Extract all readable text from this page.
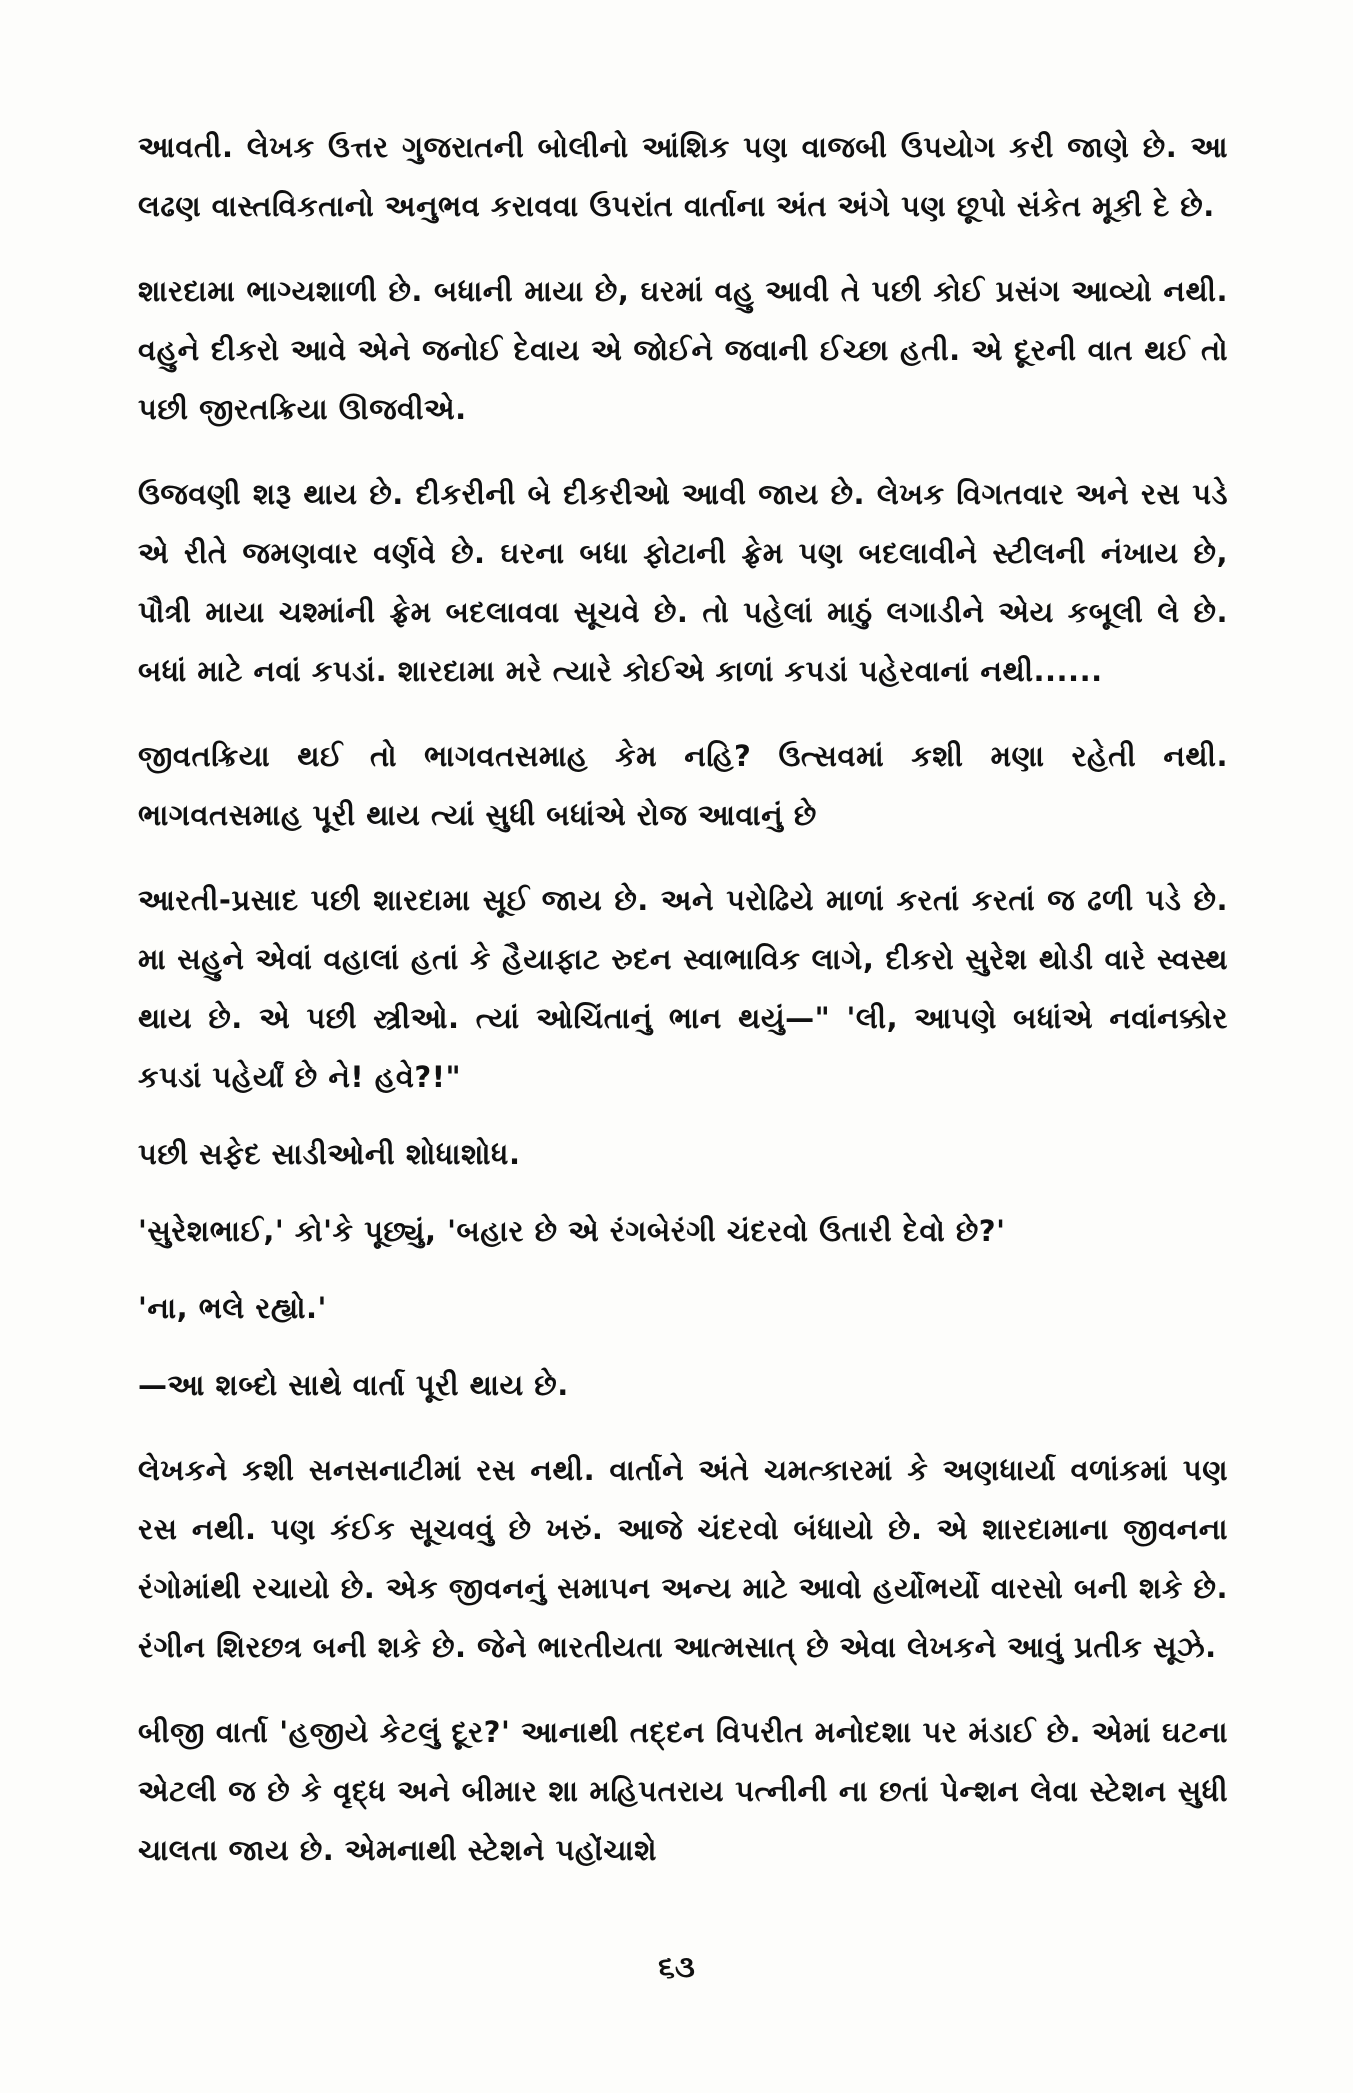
આવતી. લેખક ઉત્તર ગુજરાતની બોલીનો આંશિક પણ વાજબી ઉપયોગ કરી જાણે છે. આ લઢણ વાસ્તવિકતાનો અનુભવ કરાવવા ઉપરાંત વાર્તાના અંત અંગે પણ છૂપો સંકેત મૂકી દે છે.

શારદામા ભાગ્યશાળી છે. બધાની માયા છે, ઘરમાં વહુ આવી તે પછી કોઈ પ્રસંગ આવ્યો નથી. વહુને દીકરો આવે એને જનોઈ દેવાય એ જોઈને જવાની ઈચ્છા હતી. એ દૂરની વાત થઈ તો પછી જીરતક્રિયા ઊજવીએ.

ઉજવણી શરૂ થાય છે. દીકરીની બે દીકરીઓ આવી જાય છે. લેખક વિગતવાર અને રસ પડે એ રીતે જમણવાર વર્ણવે છે. ઘરના બધા ફોટાની ફ્રેમ પણ બદલાવીને સ્ટીલની નંખાય છે, પૌત્રી માયા ચશ્માંની ફ્રેમ બદલાવવા સૂચવે છે. તો પહેલાં માઠું લગાડીને એય કબૂલી લે છે. બધાં માટે નવાં કપડાં. શારદામા મરે ત્યારે કોઈએ કાળાં કપડાં પહેરવાનાં નથી......

જીવતક્રિયા થઈ તો ભાગવતસમાહ કેમ નહિ? ઉત્સવમાં કશી મણા રહેતી નથી. ભાગવતસમાહ પૂરી થાય ત્યાં સુધી બધાંએ રોજ આવાનું છે

આરતી-પ્રસાદ પછી શારદામા સૂઈ જાય છે. અને પરોઢિયે માળાં કરતાં કરતાં જ ઢળી પડે છે. મા સહુને એવાં વહાલાં હતાં કે હૈયાફાટ રુદન સ્વાભાવિક લાગે, દીકરો સુરેશ થોડી વારે સ્વસ્થ થાય છે. એ પછી સ્ત્રીઓ. ત્યાં ઓચિંતાનું ભાન થયું—" 'લી, આપણે બધાંએ નવાંનક્કોર કપડાં પહેર્યાં છે ને! હવે?!"

પછી સફેદ સાડીઓની શોધાશોધ.

'સુરેશભાઈ,' કો'કે પૂછ્યું, 'બહાર છે એ રંગબેરંગી ચંદરવો ઉતારી દેવો છે?'

'ના, ભલે રહ્યો.'

—આ શબ્દો સાથે વાર્તા પૂરી થાય છે.

લેખકને કશી સનસનાટીમાં રસ નથી. વાર્તાને અંતે ચમત્કારમાં કે અણધાર્યા વળાંકમાં પણ રસ નથી. પણ કંઈક સૂચવવું છે ખરું. આજે ચંદરવો બંધાયો છે. એ શારદામાના જીવનના રંગોમાંથી રચાયો છે. એક જીવનનું સમાપન અન્ય માટે આવો હર્યોભર્યો વારસો બની શકે છે. રંગીન શિરછત્ર બની શકે છે. જેને ભારતીયતા આત્મસાત્ છે એવા લેખકને આવું પ્રતીક સૂઝે.

બીજી વાર્તા 'હજીયે કેટલું દૂર?' આનાથી તદ્દન વિપરીત મનોદશા પર મંડાઈ છે. એમાં ઘટના એટલી જ છે કે વૃદ્ધ અને બીમાર શા મહિપતરાય પત્નીની ના છતાં પેન્શન લેવા સ્ટેશન સુધી ચાલતા જાય છે. એમનાથી સ્ટેશને પહોંચાશે

૬૩
